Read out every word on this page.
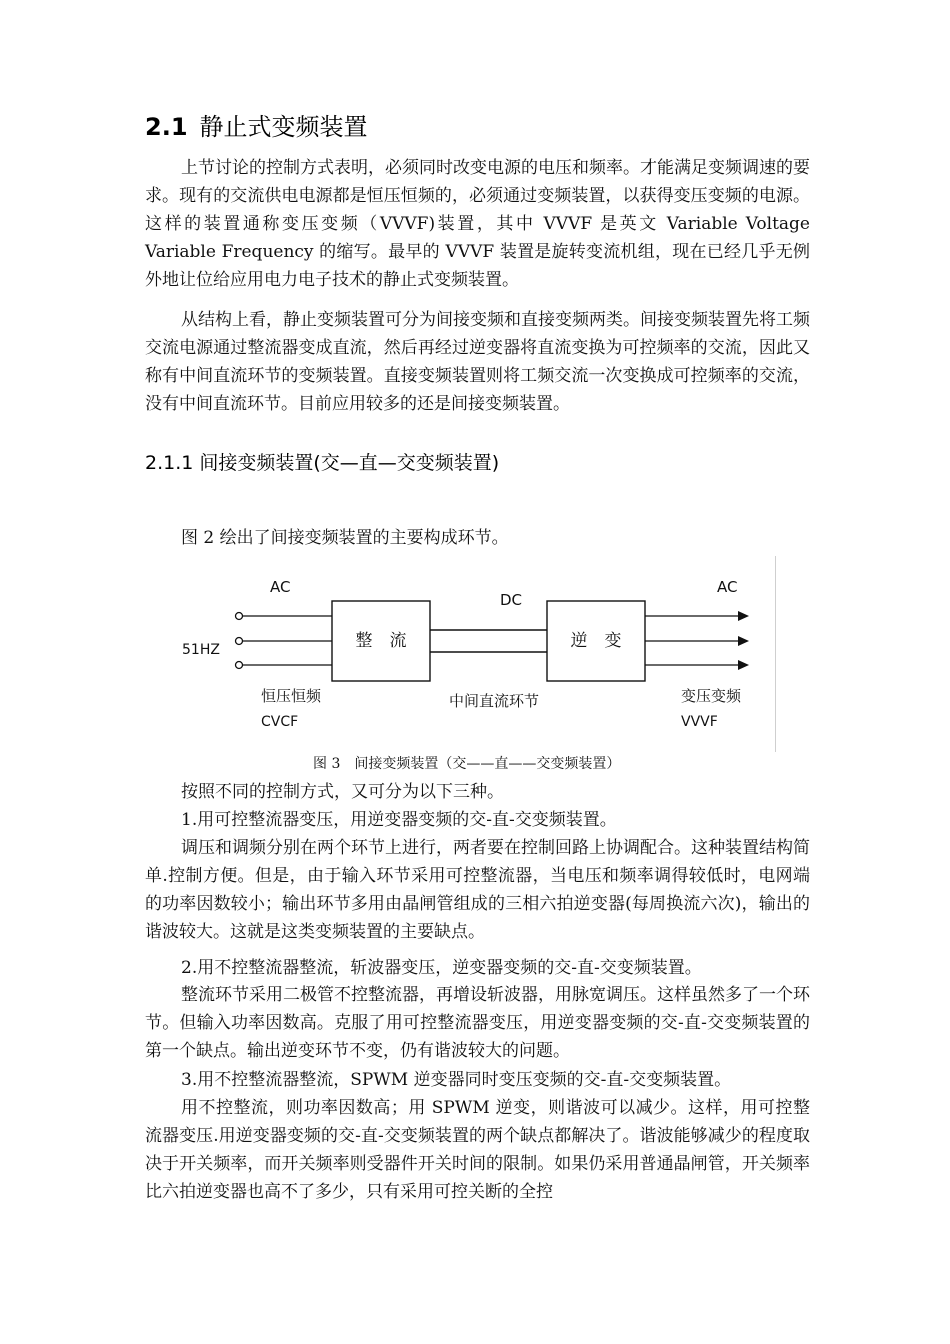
2.1 静止式变频装置

上节讨论的控制方式表明，必须同时改变电源的电压和频率。才能满足变频调速的要求。现有的交流供电电源都是恒压恒频的，必须通过变频装置，以获得变压变频的电源。这样的装置通称变压变频（VVVF)装置，其中 VVVF 是英文 Variable Voltage Variable Frequency 的缩写。最早的 VVVF 装置是旋转变流机组，现在已经几乎无例外地让位给应用电力电子技术的静止式变频装置。

从结构上看，静止变频装置可分为间接变频和直接变频两类。间接变频装置先将工频交流电源通过整流器变成直流，然后再经过逆变器将直流变换为可控频率的交流，因此又称有中间直流环节的变频装置。直接变频装置则将工频交流一次变换成可控频率的交流，没有中间直流环节。目前应用较多的还是间接变频装置。

2.1.1 间接变频装置(交—直—交变频装置)
图 2 绘出了间接变频装置的主要构成环节。
整　流
DC
逆　变
AC
51HZ
AC
恒压恒频
CVCF
中间直流环节	变压变频
VVVF
图 3　间接变频装置（交——直——交变频装置）
按照不同的控制方式，又可分为以下三种。
1.用可控整流器变压，用逆变器变频的交-直-交变频装置。

调压和调频分别在两个环节上进行，两者要在控制回路上协调配合。这种装置结构简单.控制方便。但是，由于输入环节采用可控整流器，当电压和频率调得较低时，电网端的功率因数较小；输出环节多用由晶闸管组成的三相六拍逆变器(每周换流六次)，输出的谐波较大。这就是这类变频装置的主要缺点。

2.用不控整流器整流，斩波器变压，逆变器变频的交-直-交变频装置。

整流环节采用二极管不控整流器，再增设斩波器，用脉宽调压。这样虽然多了一个环节。但输入功率因数高。克服了用可控整流器变压，用逆变器变频的交-直-交变频装置的第一个缺点。输出逆变环节不变，仍有谐波较大的问题。

3.用不控整流器整流，SPWM 逆变器同时变压变频的交-直-交变频装置。

用不控整流，则功率因数高；用 SPWM 逆变，则谐波可以减少。这样，用可控整流器变压.用逆变器变频的交-直-交变频装置的两个缺点都解决了。谐波能够减少的程度取决于开关频率，而开关频率则受器件开关时间的限制。如果仍采用普通晶闸管，开关频率比六拍逆变器也高不了多少，只有采用可控关断的全控
